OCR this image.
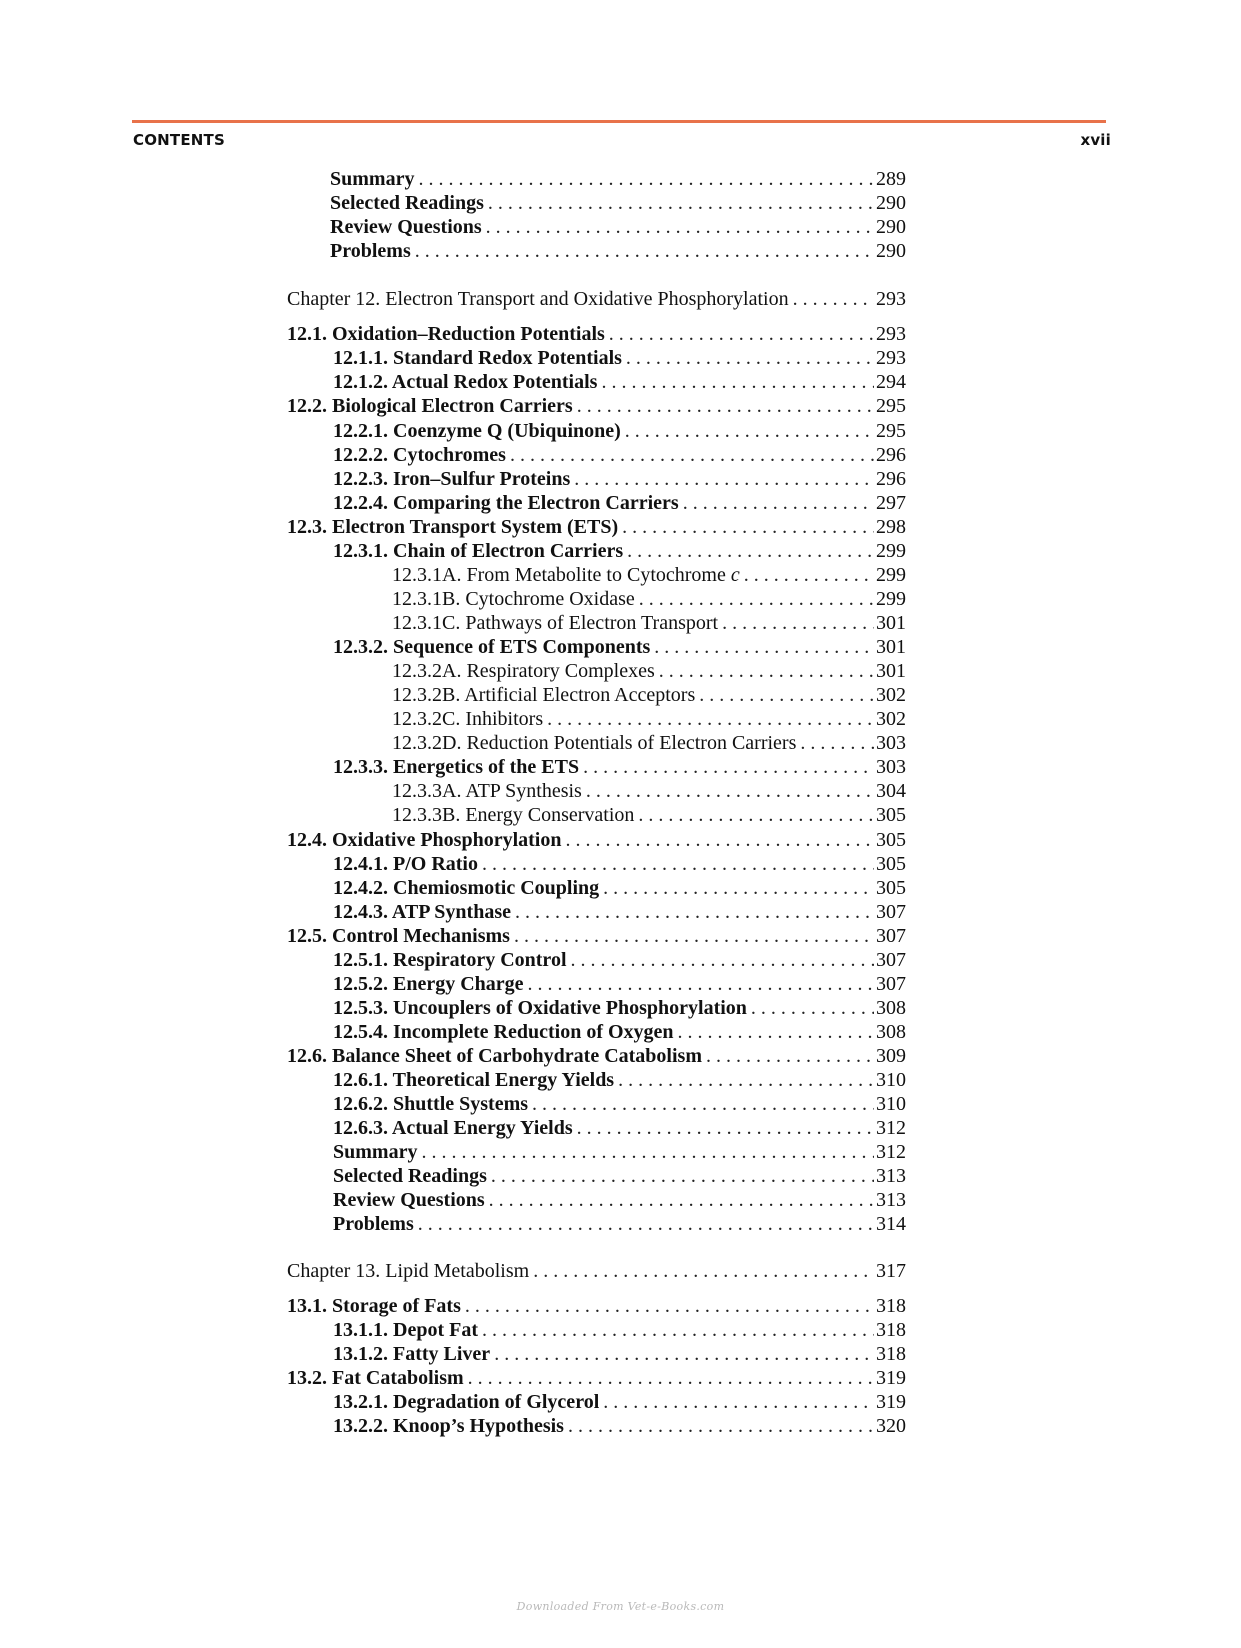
CONTENTS	xvii
Summary . . .	289
Selected Readings . . .	290
Review Questions . . .	290
Problems . . .	290
Chapter 12. Electron Transport and Oxidative Phosphorylation . . .	293
12.1. Oxidation–Reduction Potentials . . .	293
12.1.1. Standard Redox Potentials . . .	293
12.1.2. Actual Redox Potentials . . .	294
12.2. Biological Electron Carriers . . .	295
12.2.1. Coenzyme Q (Ubiquinone) . . .	295
12.2.2. Cytochromes . . .	296
12.2.3. Iron–Sulfur Proteins . . .	296
12.2.4. Comparing the Electron Carriers . . .	297
12.3. Electron Transport System (ETS) . . .	298
12.3.1. Chain of Electron Carriers . . .	299
12.3.1A. From Metabolite to Cytochrome c . . .	299
12.3.1B. Cytochrome Oxidase . . .	299
12.3.1C. Pathways of Electron Transport . . .	301
12.3.2. Sequence of ETS Components . . .	301
12.3.2A. Respiratory Complexes . . .	301
12.3.2B. Artificial Electron Acceptors . . .	302
12.3.2C. Inhibitors . . .	302
12.3.2D. Reduction Potentials of Electron Carriers . . .	303
12.3.3. Energetics of the ETS . . .	303
12.3.3A. ATP Synthesis . . .	304
12.3.3B. Energy Conservation . . .	305
12.4. Oxidative Phosphorylation . . .	305
12.4.1. P/O Ratio . . .	305
12.4.2. Chemiosmotic Coupling . . .	305
12.4.3. ATP Synthase . . .	307
12.5. Control Mechanisms . . .	307
12.5.1. Respiratory Control . . .	307
12.5.2. Energy Charge . . .	307
12.5.3. Uncouplers of Oxidative Phosphorylation . . .	308
12.5.4. Incomplete Reduction of Oxygen . . .	308
12.6. Balance Sheet of Carbohydrate Catabolism . . .	309
12.6.1. Theoretical Energy Yields . . .	310
12.6.2. Shuttle Systems . . .	310
12.6.3. Actual Energy Yields . . .	312
Summary . . .	312
Selected Readings . . .	313
Review Questions . . .	313
Problems . . .	314
Chapter 13. Lipid Metabolism . . .	317
13.1. Storage of Fats . . .	318
13.1.1. Depot Fat . . .	318
13.1.2. Fatty Liver . . .	318
13.2. Fat Catabolism . . .	319
13.2.1. Degradation of Glycerol . . .	319
13.2.2. Knoop’s Hypothesis . . .	320
Downloaded From Vet-e-Books.com
